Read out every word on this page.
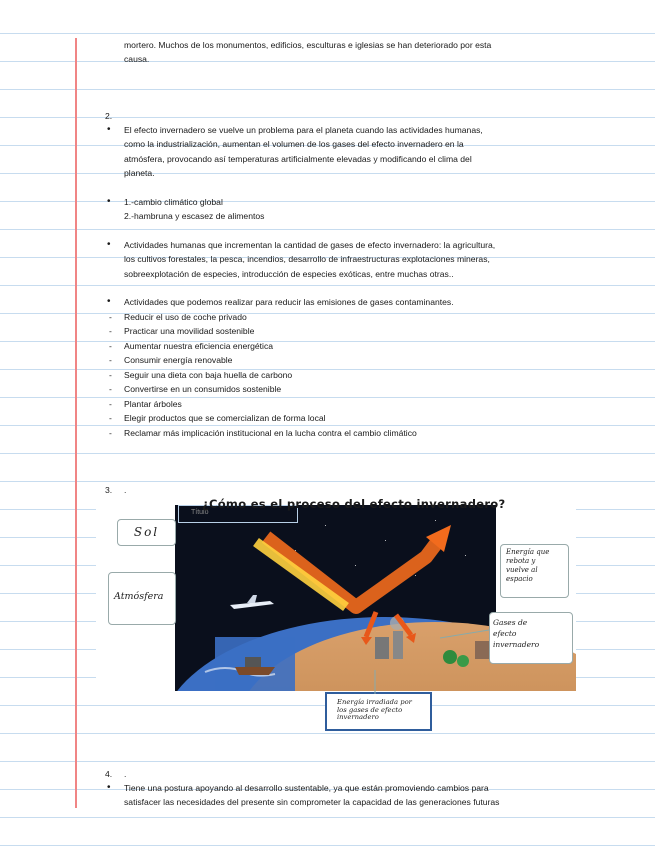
mortero. Muchos de los monumentos, edificios, esculturas e iglesias se han deteriorado por esta
causa.
2.
• El efecto invernadero se vuelve un problema para el planeta cuando las actividades humanas,
como la industrialización, aumentan el volumen de los gases del efecto invernadero en la
atmósfera, provocando así temperaturas artificialmente elevadas y modificando el clima del
planeta.
• 1.-cambio climático global
2.-hambruna y escasez de alimentos
• Actividades humanas que incrementan la cantidad de gases de efecto invernadero: la agricultura,
los cultivos forestales, la pesca, incendios, desarrollo de infraestructuras explotaciones mineras,
sobreexplotación de especies, introducción de especies exóticas, entre muchas otras..
• Actividades que podemos realizar para reducir las emisiones de gases contaminantes.
- Reducir el uso de coche privado
- Practicar una movilidad sostenible
- Aumentar nuestra eficiencia energética
- Consumir energía renovable
- Seguir una dieta con baja huella de carbono
- Convertirse en un consumidos sostenible
- Plantar árboles
- Elegir productos que se comercializan de forma local
- Reclamar más implicación institucional en la lucha contra el cambio climático
3. .
Título
¿Cómo es el proceso del efecto invernadero?
Sol
Atmósfera
Energía que
rebota y
vuelve al
espacio
Gases de
efecto
invernadero
Energía irradiada por
los gases de efecto
invernadero
4. .
• Tiene una postura apoyando al desarrollo sustentable, ya que están promoviendo cambios para
satisfacer las necesidades del presente sin comprometer la capacidad de las generaciones futuras
